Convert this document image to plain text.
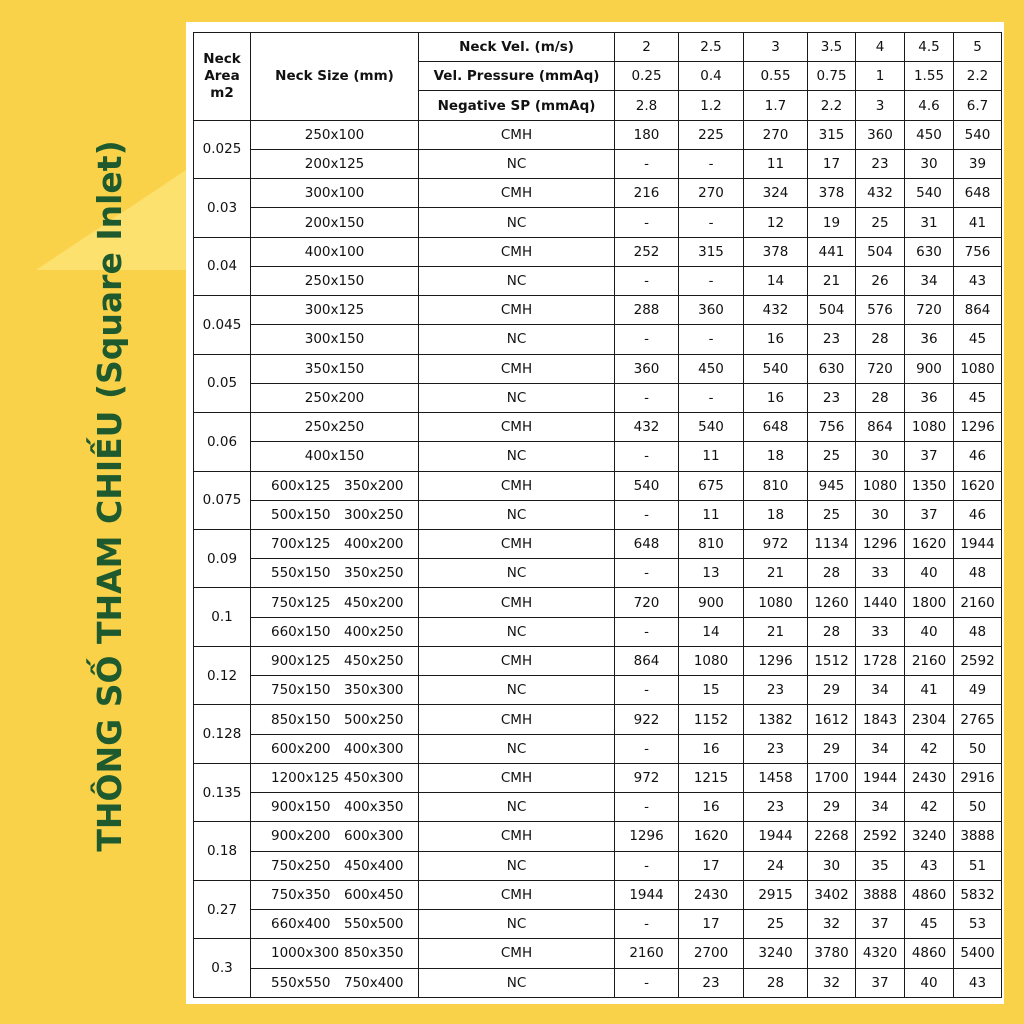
THÔNG SỐ THAM CHIẾU (Square Inlet)
Neck
Area
m2	Neck Size (mm)	Neck Vel. (m/s)	2	2.5	3	3.5	4	4.5	5
		Vel. Pressure (mmAq)	0.25	0.4	0.55	0.75	1	1.55	2.2
		Negative SP (mmAq)	2.8	1.2	1.7	2.2	3	4.6	6.7
0.025	250x100	CMH	180	225	270	315	360	450	540
	200x125	NC	-	-	11	17	23	30	39
0.03	300x100	CMH	216	270	324	378	432	540	648
	200x150	NC	-	-	12	19	25	31	41
0.04	400x100	CMH	252	315	378	441	504	630	756
	250x150	NC	-	-	14	21	26	34	43
0.045	300x125	CMH	288	360	432	504	576	720	864
	300x150	NC	-	-	16	23	28	36	45
0.05	350x150	CMH	360	450	540	630	720	900	1080
	250x200	NC	-	-	16	23	28	36	45
0.06	250x250	CMH	432	540	648	756	864	1080	1296
	400x150	NC	-	11	18	25	30	37	46
0.075	600x125 350x200	CMH	540	675	810	945	1080	1350	1620
	500x150 300x250	NC	-	11	18	25	30	37	46
0.09	700x125 400x200	CMH	648	810	972	1134	1296	1620	1944
	550x150 350x250	NC	-	13	21	28	33	40	48
0.1	750x125 450x200	CMH	720	900	1080	1260	1440	1800	2160
	660x150 400x250	NC	-	14	21	28	33	40	48
0.12	900x125 450x250	CMH	864	1080	1296	1512	1728	2160	2592
	750x150 350x300	NC	-	15	23	29	34	41	49
0.128	850x150 500x250	CMH	922	1152	1382	1612	1843	2304	2765
	600x200 400x300	NC	-	16	23	29	34	42	50
0.135	1200x125 450x300	CMH	972	1215	1458	1700	1944	2430	2916
	900x150 400x350	NC	-	16	23	29	34	42	50
0.18	900x200 600x300	CMH	1296	1620	1944	2268	2592	3240	3888
	750x250 450x400	NC	-	17	24	30	35	43	51
0.27	750x350 600x450	CMH	1944	2430	2915	3402	3888	4860	5832
	660x400 550x500	NC	-	17	25	32	37	45	53
0.3	1000x300 850x350	CMH	2160	2700	3240	3780	4320	4860	5400
	550x550 750x400	NC	-	23	28	32	37	40	43
